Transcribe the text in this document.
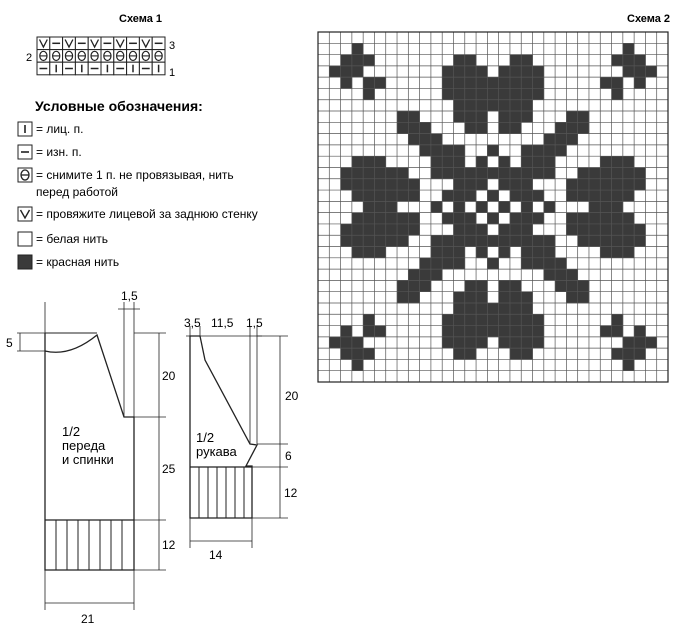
Схема 1
3
2
1
Условные обозначения:
= лиц. п.
= изн. п.
= снимите 1 п. не провязывая, нить
перед работой
= провяжите лицевой за заднюю стенку
= белая нить
= красная нить
Схема 2
5
1,5
20
25
12
21
1/2
переда
и спинки
3,5 11,5 1,5
20
6
12
14
1/2
рукава
